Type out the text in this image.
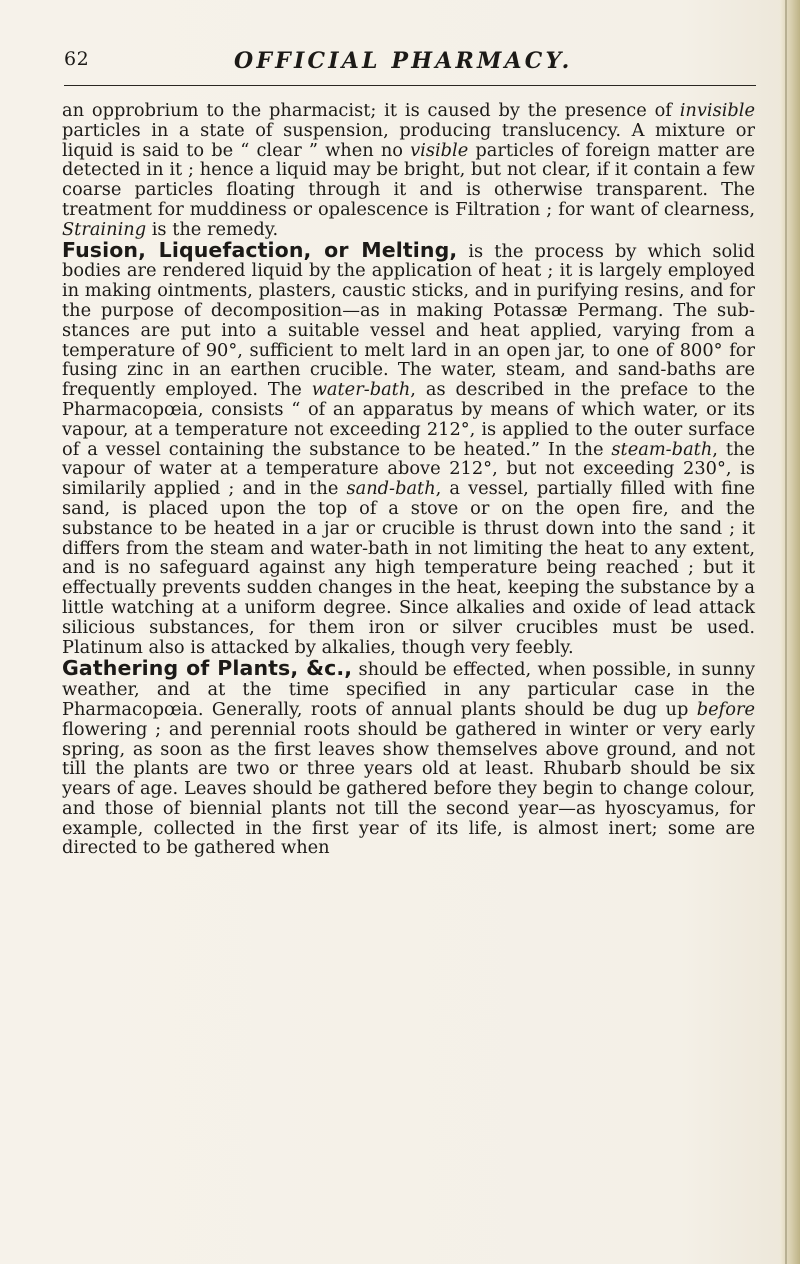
62	OFFICIAL PHARMACY.

an opprobrium to the pharmacist; it is caused by the presence of invisible particles in a state of suspension, producing translucency. A mixture or liquid is said to be “ clear ” when no visible particles of foreign matter are detected in it ; hence a liquid may be bright, but not clear, if it contain a few coarse particles floating through it and is otherwise transparent. The treatment for muddiness or opalescence is Filtration ; for want of clearness, Straining is the remedy.

Fusion, Liquefaction, or Melting, is the process by which solid bodies are rendered liquid by the application of heat ; it is largely employed in making ointments, plasters, caustic sticks, and in purifying resins, and for the purpose of decomposition—as in making Potassæ Permang. The substances are put into a suitable vessel and heat applied, varying from a temperature of 90°, sufficient to melt lard in an open jar, to one of 800° for fusing zinc in an earthen crucible. The water, steam, and sand-baths are frequently employed. The water-bath, as described in the preface to the Pharmacopœia, consists “ of an apparatus by means of which water, or its vapour, at a temperature not exceeding 212°, is applied to the outer surface of a vessel containing the substance to be heated.” In the steam-bath, the vapour of water at a temperature above 212°, but not exceeding 230°, is similarily applied ; and in the sand-bath, a vessel, partially filled with fine sand, is placed upon the top of a stove or on the open fire, and the substance to be heated in a jar or crucible is thrust down into the sand ; it differs from the steam and water-bath in not limiting the heat to any extent, and is no safeguard against any high temperature being reached ; but it effectually prevents sudden changes in the heat, keeping the substance by a little watching at a uniform degree. Since alkalies and oxide of lead attack silicious substances, for them iron or silver crucibles must be used. Platinum also is attacked by alkalies, though very feebly.

Gathering of Plants, &c., should be effected, when possible, in sunny weather, and at the time specified in any particular case in the Pharmacopœia. Generally, roots of annual plants should be dug up before flowering ; and perennial roots should be gathered in winter or very early spring, as soon as the first leaves show themselves above ground, and not till the plants are two or three years old at least. Rhubarb should be six years of age. Leaves should be gathered before they begin to change colour, and those of biennial plants not till the second year—as hyoscyamus, for example, collected in the first year of its life, is almost inert; some are directed to be gathered when
